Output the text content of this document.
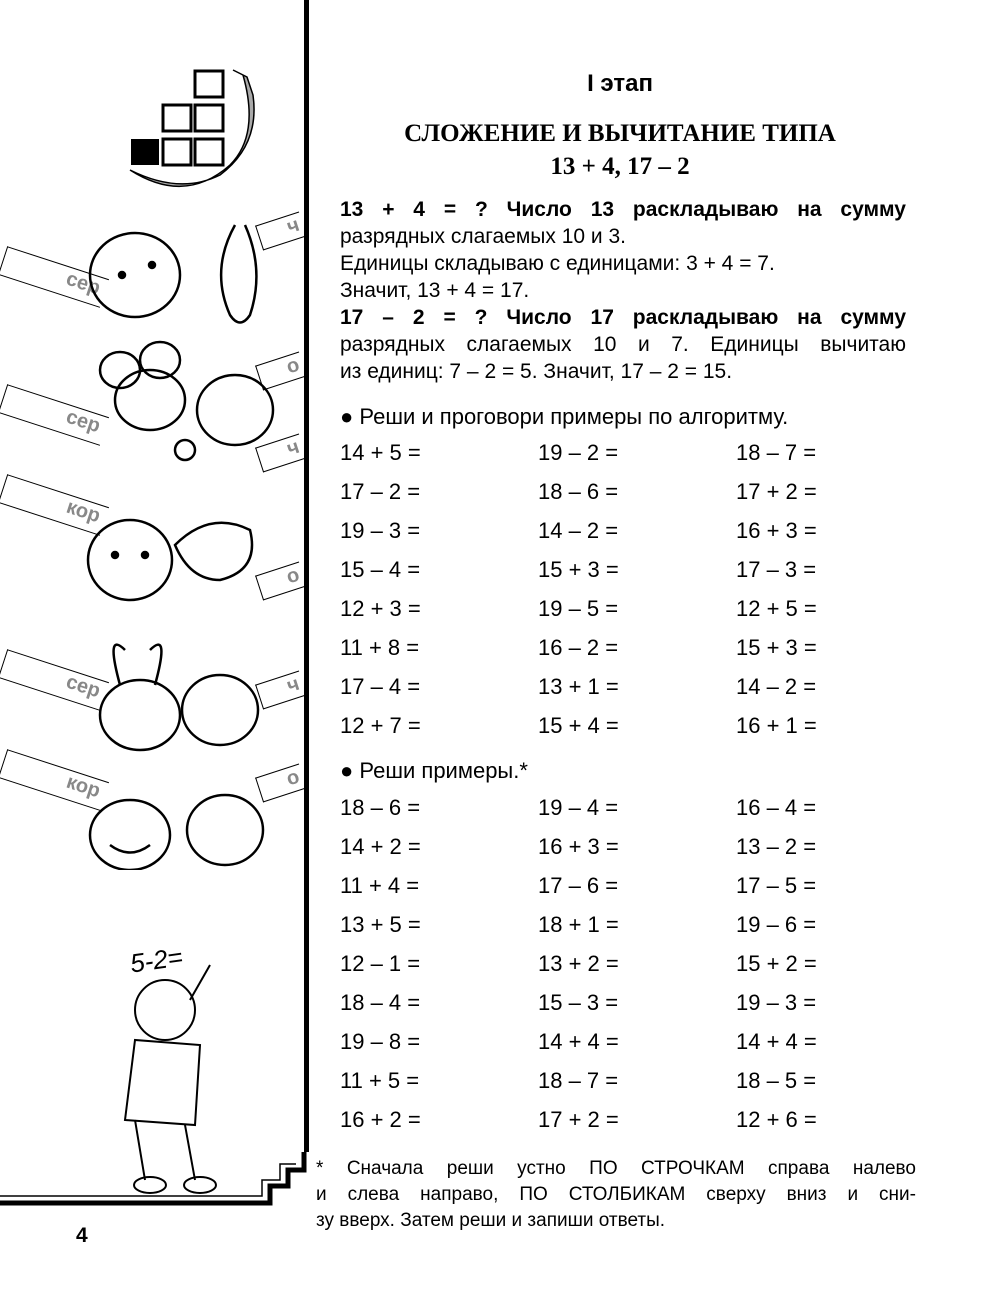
сер
сер
кор
сер
кор
ч
о
ч
о
ч
о
5-2=
I этап
СЛОЖЕНИЕ И ВЫЧИТАНИЕ ТИПА
13 + 4, 17 – 2
13 + 4 = ? Число 13 раскладываю на сумму
разрядных слагаемых 10 и 3.
Единицы складываю с единицами: 3 + 4 = 7.
Значит, 13 + 4 = 17.
17 – 2 = ? Число 17 раскладываю на сумму
разрядных слагаемых 10 и 7. Единицы вычитаю
из единиц: 7 – 2 = 5. Значит, 17 – 2 = 15.
● Реши и проговори примеры по алгоритму.
14 + 5 =	19 – 2 =	18 – 7 =
17 – 2 =	18 – 6 =	17 + 2 =
19 – 3 =	14 – 2 =	16 + 3 =
15 – 4 =	15 + 3 =	17 – 3 =
12 + 3 =	19 – 5 =	12 + 5 =
11 + 8 =	16 – 2 =	15 + 3 =
17 – 4 =	13 + 1 =	14 – 2 =
12 + 7 =	15 + 4 =	16 + 1 =
● Реши примеры.*
18 – 6 =	19 – 4 =	16 – 4 =
14 + 2 =	16 + 3 =	13 – 2 =
11 + 4 =	17 – 6 =	17 – 5 =
13 + 5 =	18 + 1 =	19 – 6 =
12 – 1 =	13 + 2 =	15 + 2 =
18 – 4 =	15 – 3 =	19 – 3 =
19 – 8 =	14 + 4 =	14 + 4 =
11 + 5 =	18 – 7 =	18 – 5 =
16 + 2 =	17 + 2 =	12 + 6 =
* Сначала реши устно ПО СТРОЧКАМ справа налево
и слева направо, ПО СТОЛБИКАМ сверху вниз и сни-
зу вверх. Затем реши и запиши ответы.
4
